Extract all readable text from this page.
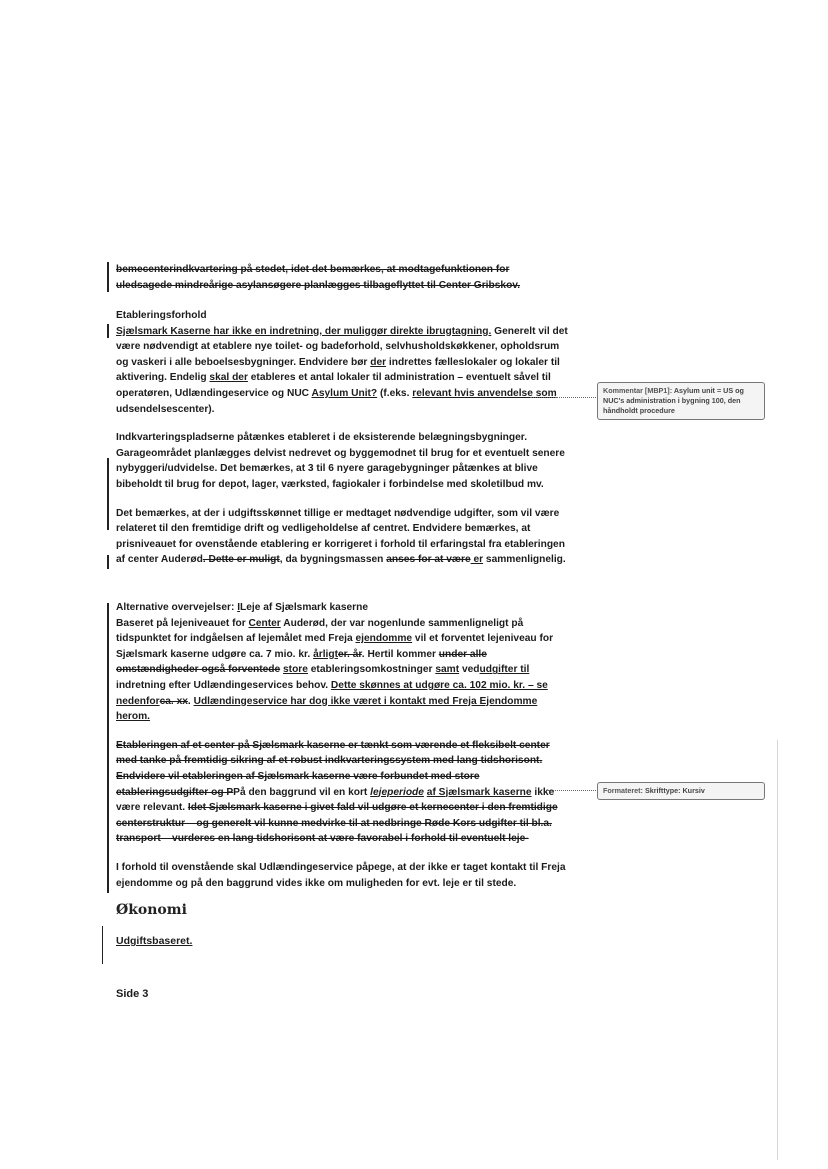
bemecenterindkvartering på stedet, idet det bemærkes, at modtagefunktionen for

uledsagede mindreårige asylansøgere planlægges tilbageflyttet til Center Gribskov.

Etableringsforhold

Sjælsmark Kaserne har ikke en indretning, der muliggør direkte ibrugtagning. Generelt vil det være nødvendigt at etablere nye toilet- og badeforhold, selvhusholdskøkkener, opholdsrum og vaskeri i alle beboelsesbygninger. Endvidere bør der indrettes fælleslokaler og lokaler til aktivering. Endelig skal der etableres et antal lokaler til administration – eventuelt såvel til operatøren, Udlændingeservice og NUC Asylum Unit? (f.eks. relevant hvis anvendelse som udsendelsescenter).

Indkvarteringspladserne påtænkes etableret i de eksisterende belægningsbygninger. Garageområdet planlægges delvist nedrevet og byggemodnet til brug for et eventuelt senere nybyggeri/udvidelse. Det bemærkes, at 3 til 6 nyere garagebygninger påtænkes at blive bibeholdt til brug for depot, lager, værksted, fagiokaler i forbindelse med skoletilbud mv.

Det bemærkes, at der i udgiftsskønnet tillige er medtaget nødvendige udgifter, som vil være relateret til den fremtidige drift og vedligeholdelse af centret. Endvidere bemærkes, at prisniveauet for ovenstående etablering er korrigeret i forhold til erfaringstal fra etableringen af center Auderød. Dette er muligt, da bygningsmassen anses for at være er sammenlignelig.

Alternative overvejelser: ILeje af Sjælsmark kaserne

Baseret på lejeniveauet for Center Auderød, der var nogenlunde sammenligneligt på tidspunktet for indgåelsen af lejemålet med Freja ejendomme vil et forventet lejeniveau for Sjælsmark kaserne udgøre ca. 7 mio. kr. årligter. år. Hertil kommer under alle omstændigheder også forventede store etableringsomkostninger samt vedudgifter til indretning efter Udlændingeservices behov. Dette skønnes at udgøre ca. 102 mio. kr. – se nedenforca. xx. Udlændingeservice har dog ikke været i kontakt med Freja Ejendomme herom.

Etableringen af et center på Sjælsmark kaserne er tænkt som værende et fleksibelt center med tanke på fremtidig sikring af et robust indkvarteringssystem med lang tidshorisont. Endvidere vil etableringen af Sjælsmark kaserne være forbundet med store etableringsudgifter og PPå den baggrund vil en kort lejeperiode af Sjælsmark kaserne ikke være relevant. Idet Sjælsmark kaserne i givet fald vil udgøre et kernecenter i den fremtidige centerstruktur – og generelt vil kunne medvirke til at nedbringe Røde Kors udgifter til bl.a. transport – vurderes en lang tidshorisont at være favorabel i forhold til eventuelt leje-

I forhold til ovenstående skal Udlændingeservice påpege, at der ikke er taget kontakt til Freja ejendomme og på den baggrund vides ikke om muligheden for evt. leje er til stede.

Økonomi
Udgiftsbaseret.
Side 3
Kommentar [MBP1]: Asylum unit = US og NUC's administration i bygning 100, den håndholdt procedure
Formateret: Skrifttype: Kursiv
